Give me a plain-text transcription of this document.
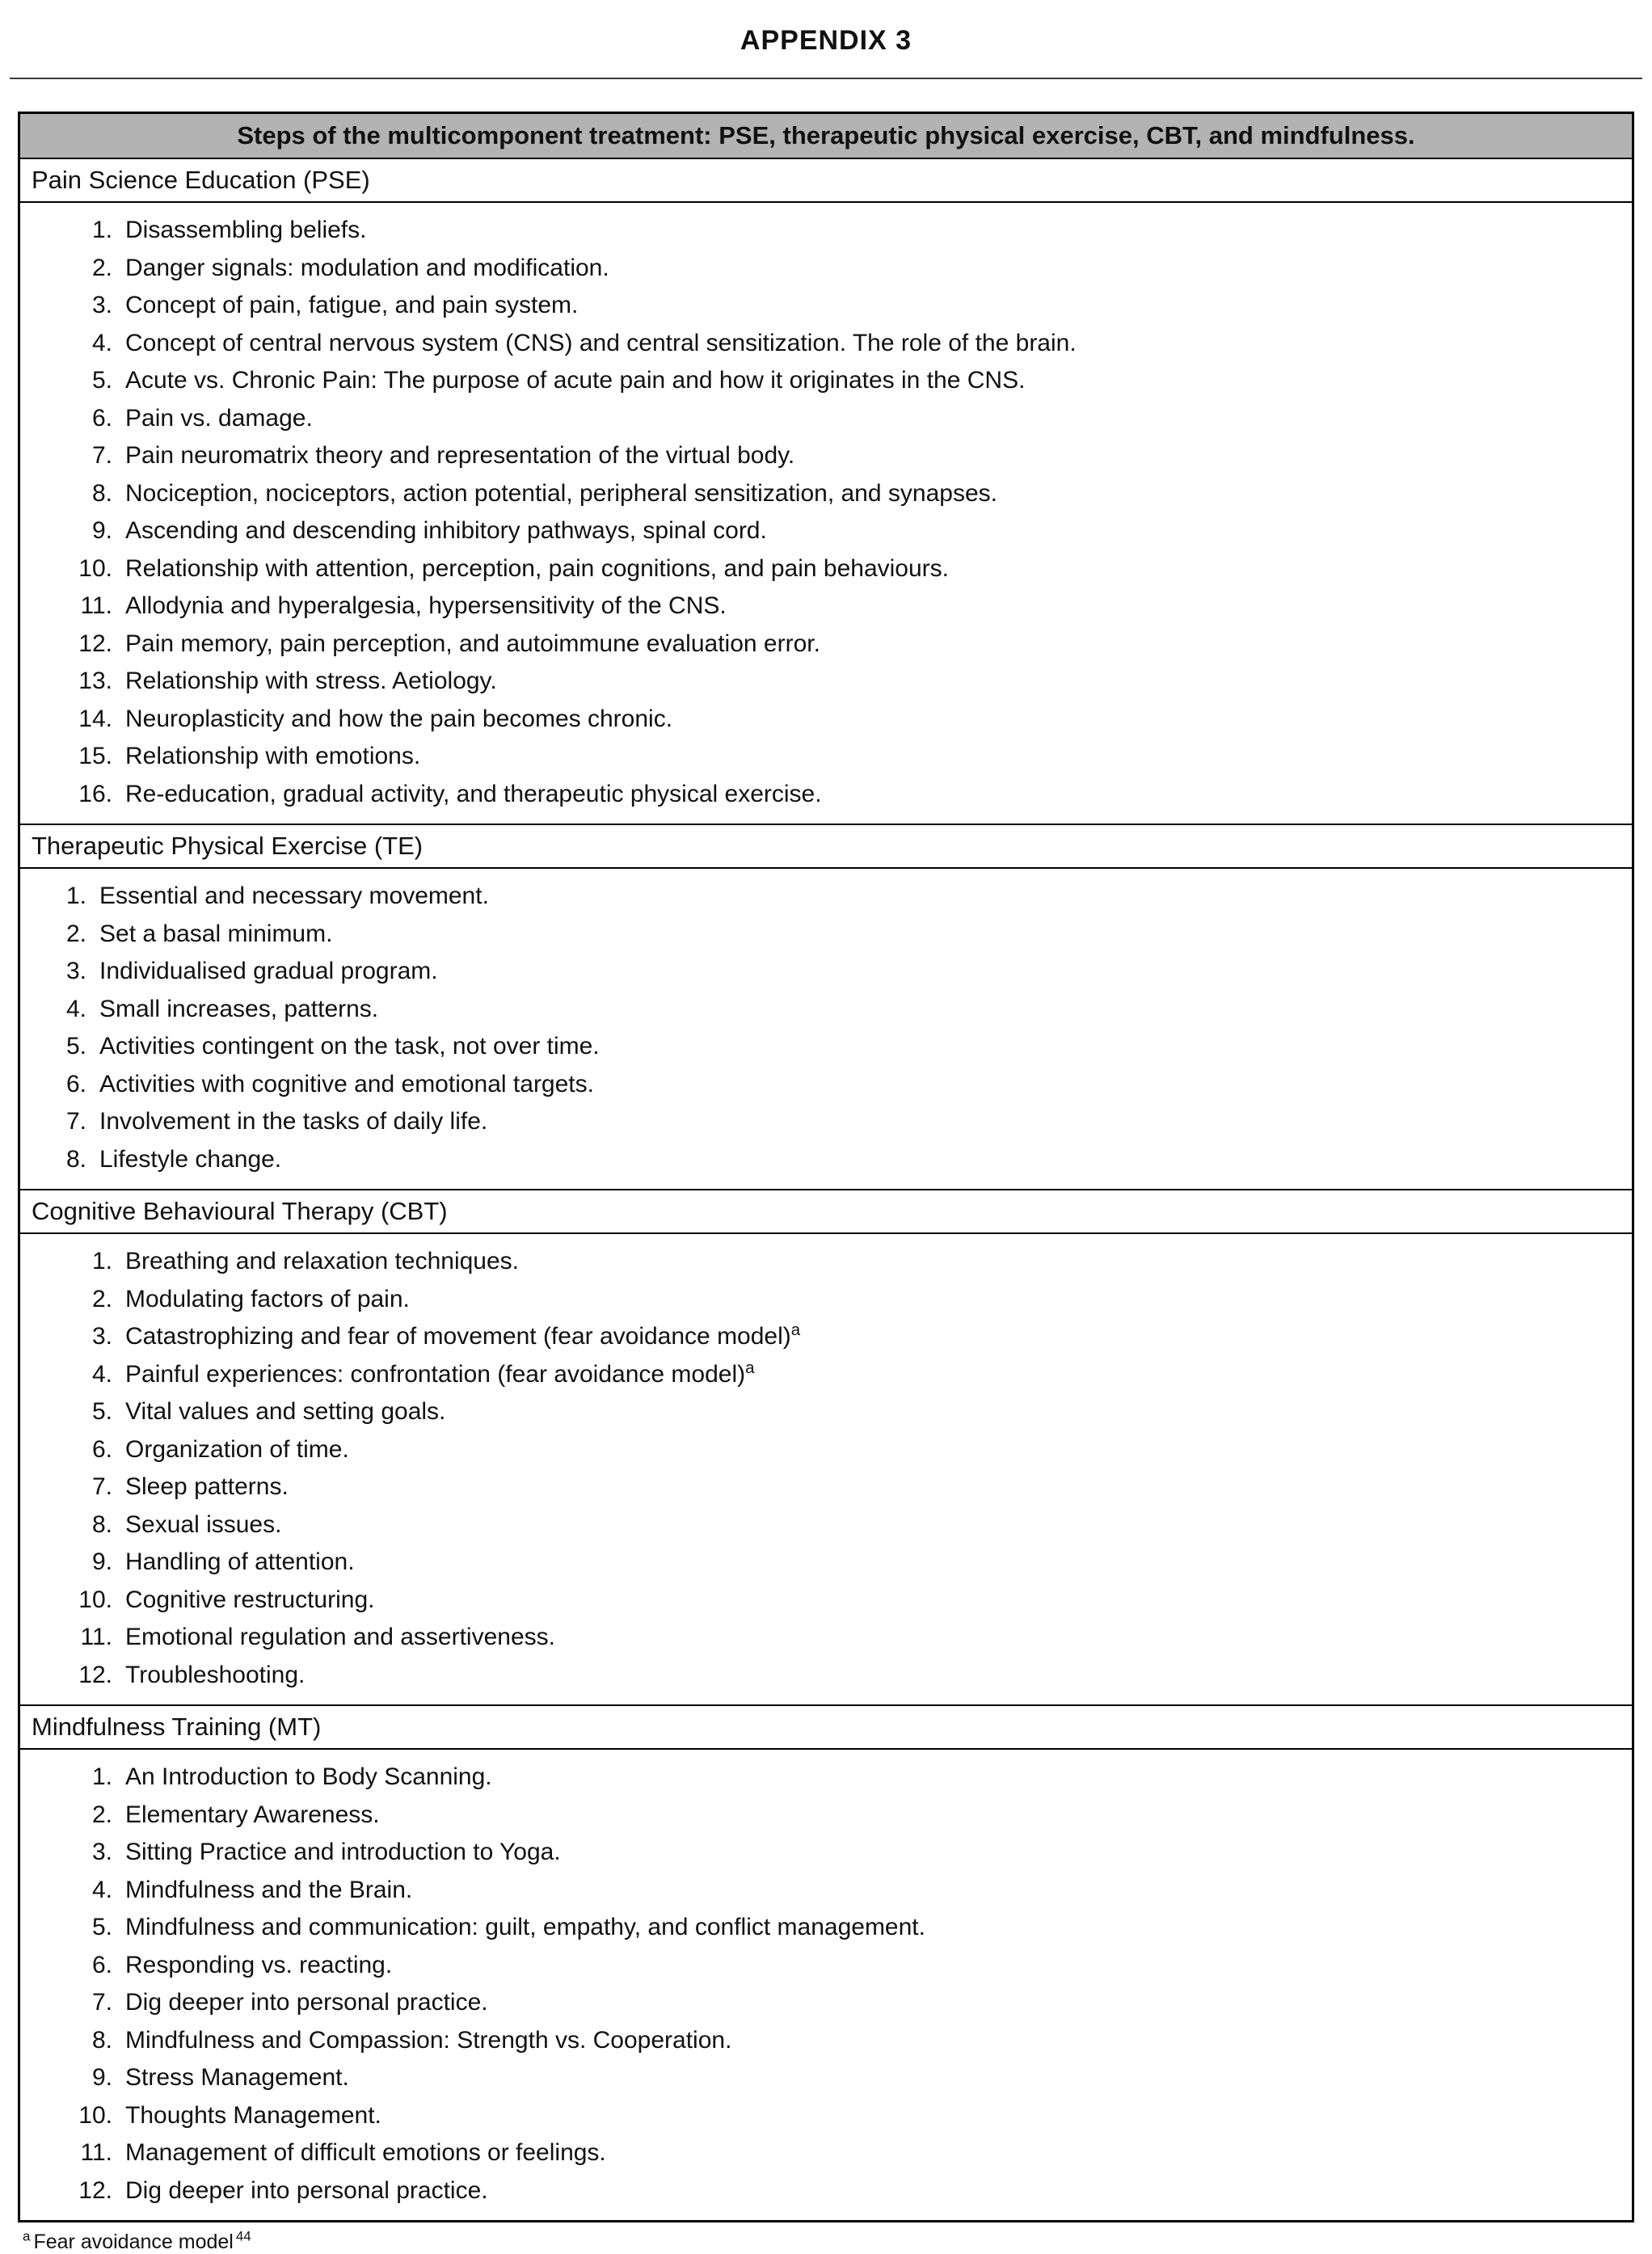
APPENDIX 3
Steps of the multicomponent treatment: PSE, therapeutic physical exercise, CBT, and mindfulness.
Pain Science Education (PSE)
1. Disassembling beliefs.
2. Danger signals: modulation and modification.
3. Concept of pain, fatigue, and pain system.
4. Concept of central nervous system (CNS) and central sensitization. The role of the brain.
5. Acute vs. Chronic Pain: The purpose of acute pain and how it originates in the CNS.
6. Pain vs. damage.
7. Pain neuromatrix theory and representation of the virtual body.
8. Nociception, nociceptors, action potential, peripheral sensitization, and synapses.
9. Ascending and descending inhibitory pathways, spinal cord.
10. Relationship with attention, perception, pain cognitions, and pain behaviours.
11. Allodynia and hyperalgesia, hypersensitivity of the CNS.
12. Pain memory, pain perception, and autoimmune evaluation error.
13. Relationship with stress. Aetiology.
14. Neuroplasticity and how the pain becomes chronic.
15. Relationship with emotions.
16. Re-education, gradual activity, and therapeutic physical exercise.
Therapeutic Physical Exercise (TE)
1. Essential and necessary movement.
2. Set a basal minimum.
3. Individualised gradual program.
4. Small increases, patterns.
5. Activities contingent on the task, not over time.
6. Activities with cognitive and emotional targets.
7. Involvement in the tasks of daily life.
8. Lifestyle change.
Cognitive Behavioural Therapy (CBT)
1. Breathing and relaxation techniques.
2. Modulating factors of pain.
3. Catastrophizing and fear of movement (fear avoidance model)$^a$
4. Painful experiences: confrontation (fear avoidance model)$^a$
5. Vital values and setting goals.
6. Organization of time.
7. Sleep patterns.
8. Sexual issues.
9. Handling of attention.
10. Cognitive restructuring.
11. Emotional regulation and assertiveness.
12. Troubleshooting.
Mindfulness Training (MT)
1. An Introduction to Body Scanning.
2. Elementary Awareness.
3. Sitting Practice and introduction to Yoga.
4. Mindfulness and the Brain.
5. Mindfulness and communication: guilt, empathy, and conflict management.
6. Responding vs. reacting.
7. Dig deeper into personal practice.
8. Mindfulness and Compassion: Strength vs. Cooperation.
9. Stress Management.
10. Thoughts Management.
11. Management of difficult emotions or feelings.
12. Dig deeper into personal practice.
$^a$ Fear avoidance model $^{44}$
